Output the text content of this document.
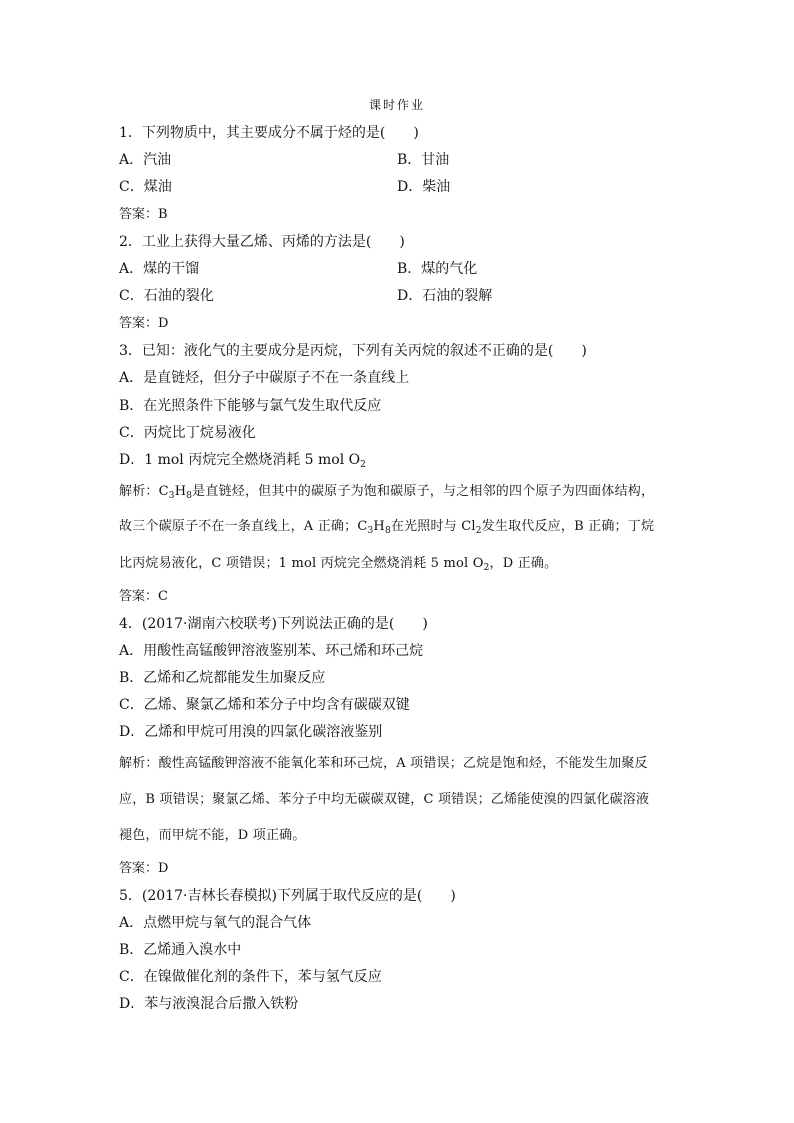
课时作业
1．下列物质中，其主要成分不属于烃的是(　　)
A．汽油	B．甘油
C．煤油	D．柴油
答案：B
2．工业上获得大量乙烯、丙烯的方法是(　　)
A．煤的干馏	B．煤的气化
C．石油的裂化	D．石油的裂解
答案：D
3．已知：液化气的主要成分是丙烷，下列有关丙烷的叙述不正确的是(　　)
A．是直链烃，但分子中碳原子不在一条直线上
B．在光照条件下能够与氯气发生取代反应
C．丙烷比丁烷易液化
D．1 mol 丙烷完全燃烧消耗 5 mol $O_2$
解析：$C_3H_8$是直链烃，但其中的碳原子为饱和碳原子，与之相邻的四个原子为四面体结构，
故三个碳原子不在一条直线上，A 正确；$C_3H_8$在光照时与 $Cl_2$发生取代反应，B 正确；丁烷
比丙烷易液化，C 项错误；1 mol 丙烷完全燃烧消耗 5 mol $O_2$，D 正确。
答案：C
4．(2017·湖南六校联考)下列说法正确的是(　　)
A．用酸性高锰酸钾溶液鉴别苯、环己烯和环己烷
B．乙烯和乙烷都能发生加聚反应
C．乙烯、聚氯乙烯和苯分子中均含有碳碳双键
D．乙烯和甲烷可用溴的四氯化碳溶液鉴别
解析：酸性高锰酸钾溶液不能氧化苯和环己烷，A 项错误；乙烷是饱和烃，不能发生加聚反
应，B 项错误；聚氯乙烯、苯分子中均无碳碳双键，C 项错误；乙烯能使溴的四氯化碳溶液
褪色，而甲烷不能，D 项正确。
答案：D
5．(2017·吉林长春模拟)下列属于取代反应的是(　　)
A．点燃甲烷与氧气的混合气体
B．乙烯通入溴水中
C．在镍做催化剂的条件下，苯与氢气反应
D．苯与液溴混合后撒入铁粉
